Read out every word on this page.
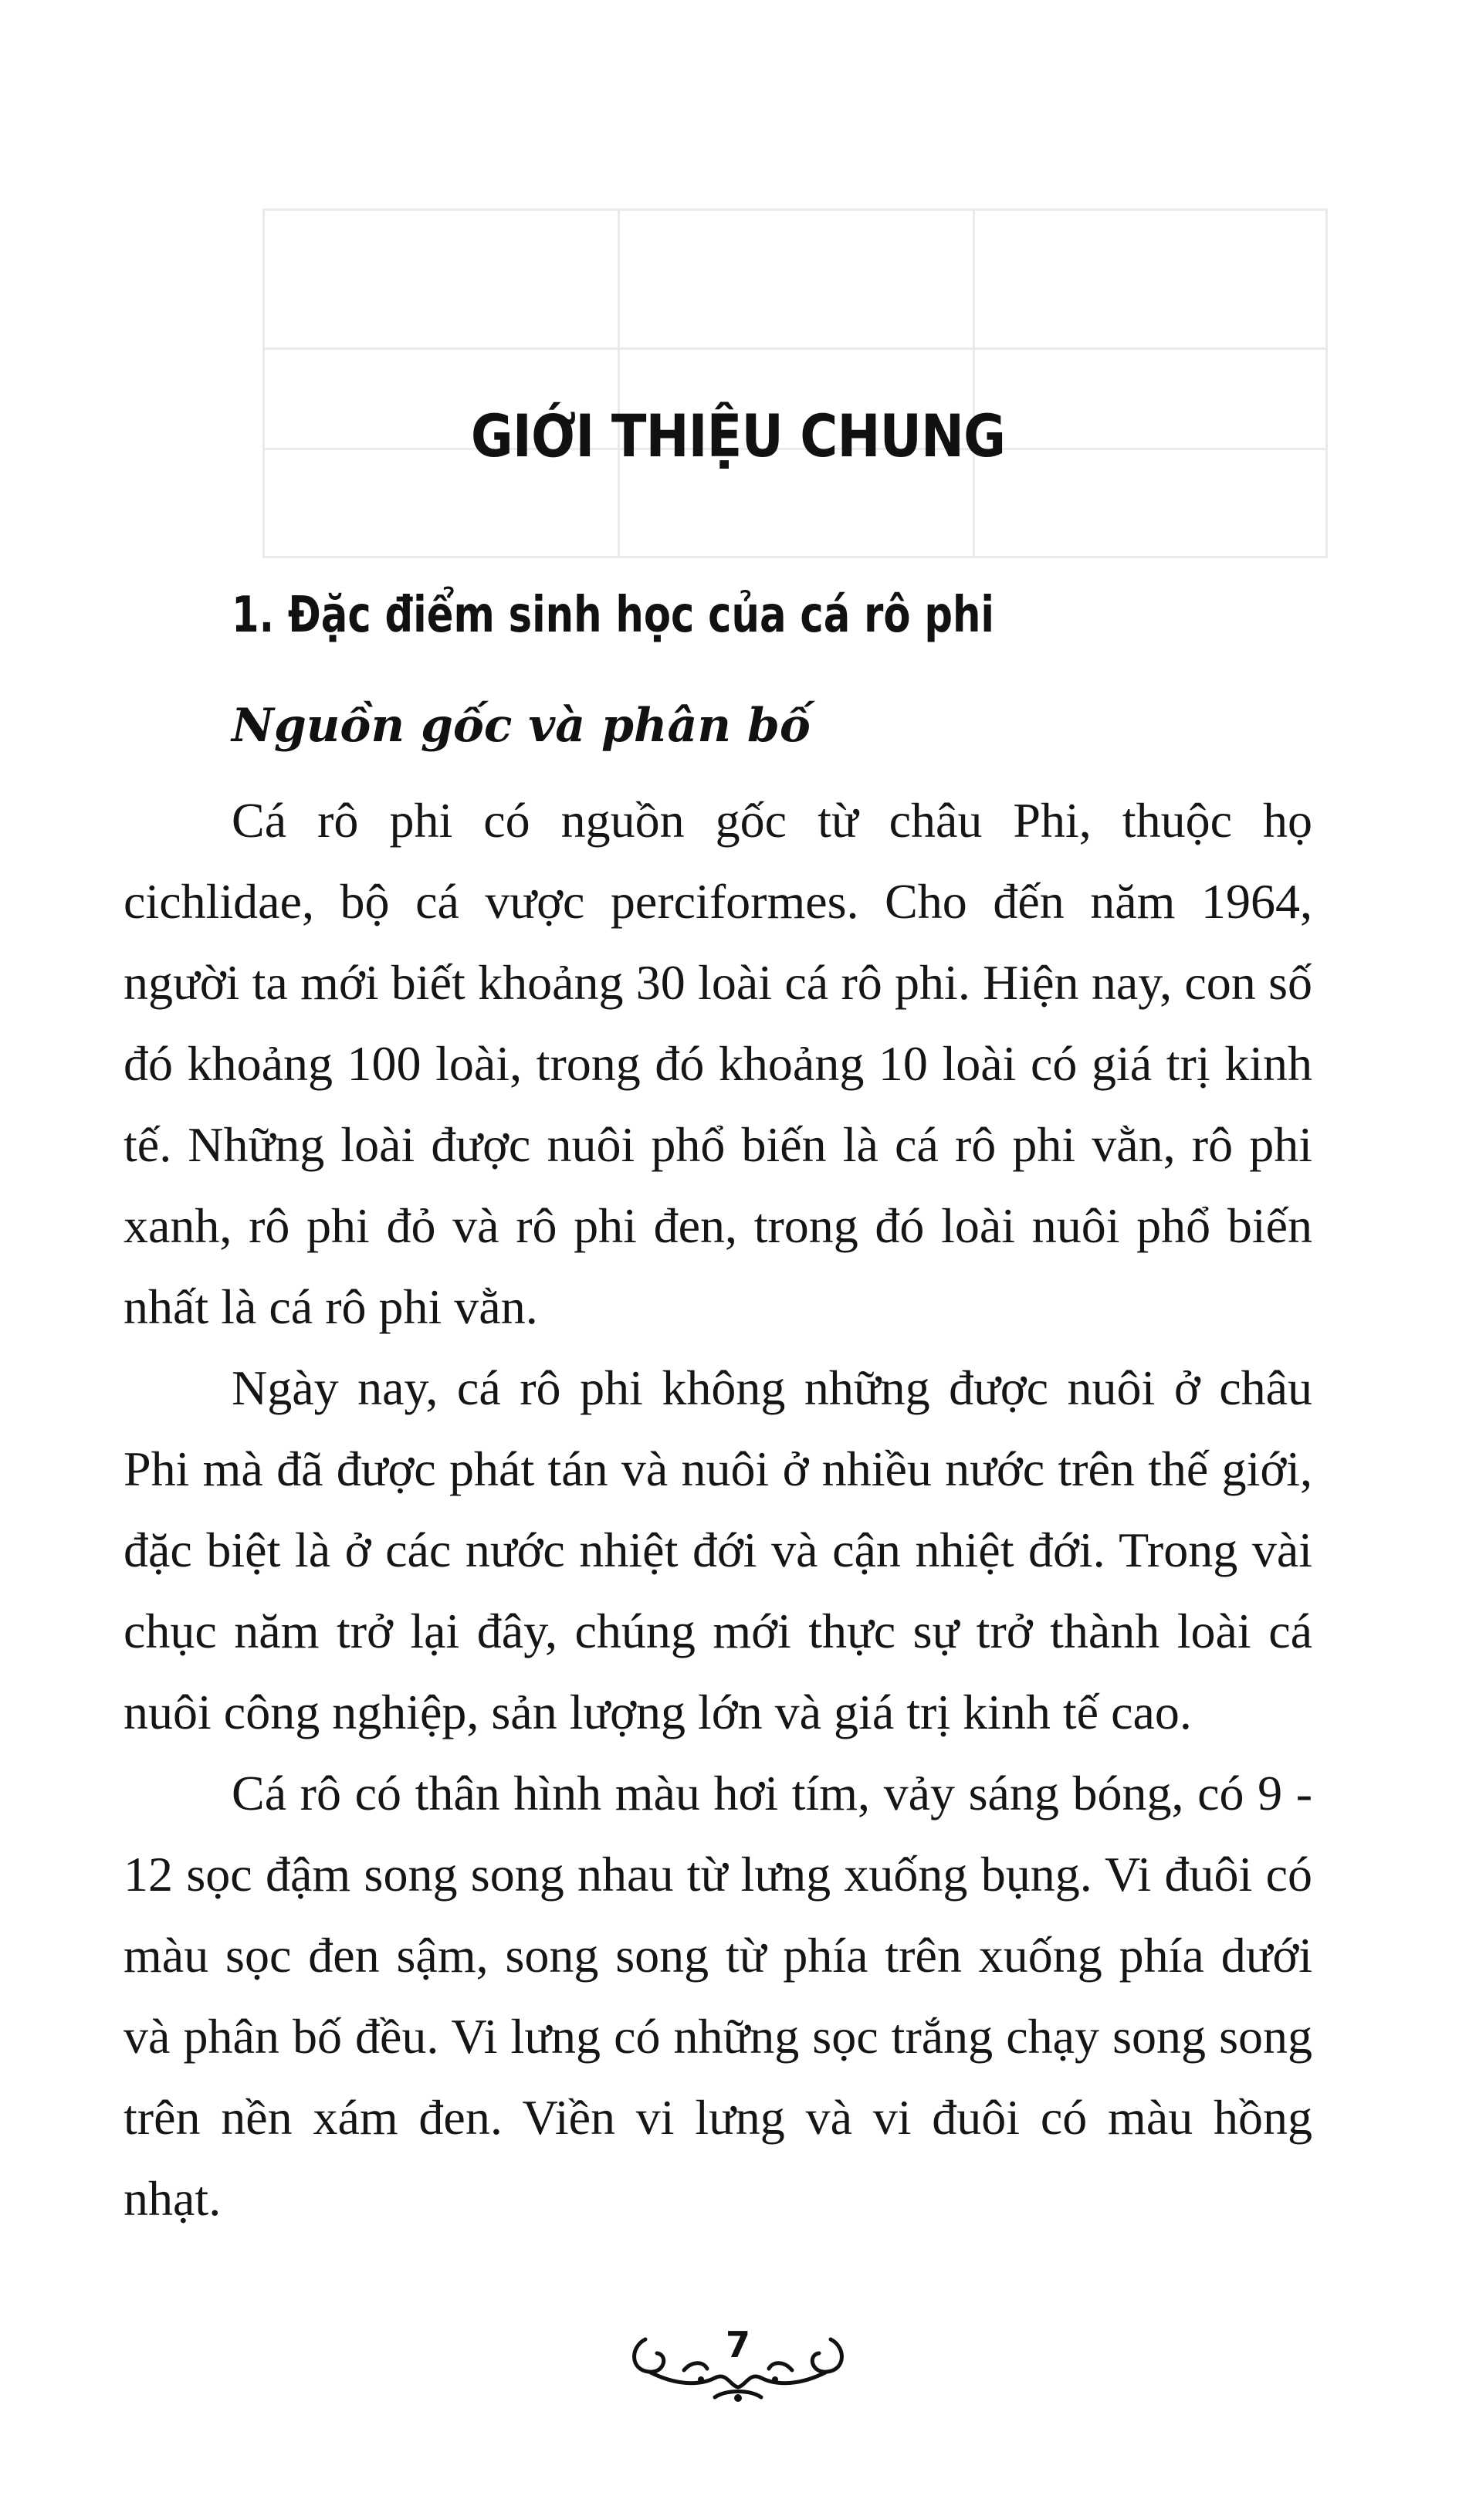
GIỚI THIỆU CHUNG
1. Đặc điểm sinh học của cá rô phi
Nguồn gốc và phân bố

Cá rô phi có nguồn gốc từ châu Phi, thuộc họ cichlidae, bộ cá vược perciformes. Cho đến năm 1964, người ta mới biết khoảng 30 loài cá rô phi. Hiện nay, con số đó khoảng 100 loài, trong đó khoảng 10 loài có giá trị kinh tế. Những loài được nuôi phổ biến là cá rô phi vằn, rô phi xanh, rô phi đỏ và rô phi đen, trong đó loài nuôi phổ biến nhất là cá rô phi vằn.

Ngày nay, cá rô phi không những được nuôi ở châu Phi mà đã được phát tán và nuôi ở nhiều nước trên thế giới, đặc biệt là ở các nước nhiệt đới và cận nhiệt đới. Trong vài chục năm trở lại đây, chúng mới thực sự trở thành loài cá nuôi công nghiệp, sản lượng lớn và giá trị kinh tế cao.

Cá rô có thân hình màu hơi tím, vảy sáng bóng, có 9 - 12 sọc đậm song song nhau từ lưng xuống bụng. Vi đuôi có màu sọc đen sậm, song song từ phía trên xuống phía dưới và phân bố đều. Vi lưng có những sọc trắng chạy song song trên nền xám đen. Viền vi lưng và vi đuôi có màu hồng nhạt.

7
